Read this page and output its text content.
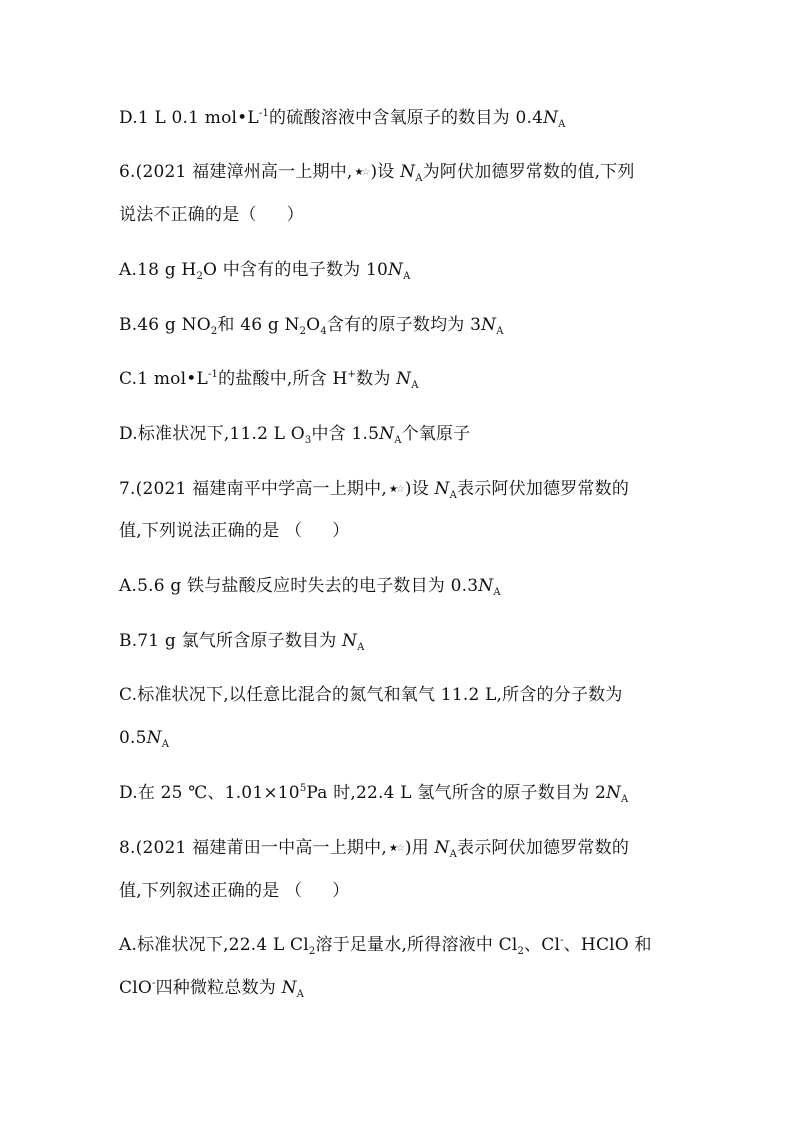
D.1 L 0.1 $mol•L^{-1}$的硫酸溶液中含氧原子的数目为 $0.4N_A$
6.(2021 福建漳州高一上期中, ★☆ )设 $N_A$为阿伏加德罗常数的值,下列
说法不正确的是（ ）
A.18 g $H_2O$ 中含有的电子数为 $10N_A$
B.46 g $NO_2$和 46 g $N_2O_4$含有的原子数均为 $3N_A$
C.1 $mol•L^{-1}$的盐酸中,所含 H+数为 $N_A$
D.标准状况下,11.2 L $O_3$中含 $1.5N_A$个氧原子
7.(2021 福建南平中学高一上期中, ★☆ )设 $N_A$表示阿伏加德罗常数的
值,下列说法正确的是 （ ）
A.5.6 g 铁与盐酸反应时失去的电子数目为 $0.3N_A$
B.71 g 氯气所含原子数目为 $N_A$
C.标准状况下,以任意比混合的氮气和氧气 11.2 L,所含的分子数为
$0.5N_A$
D.在 25 ℃、$1.01\times 10^5Pa$ 时,22.4 L 氢气所含的原子数目为 $2N_A$
8.(2021 福建莆田一中高一上期中, ★☆ )用 $N_A$表示阿伏加德罗常数的
值,下列叙述正确的是 （ ）
A.标准状况下,22.4 L $Cl_2$溶于足量水,所得溶液中 $Cl_2$、Cl-、HClO 和
ClO-四种微粒总数为 $N_A$
